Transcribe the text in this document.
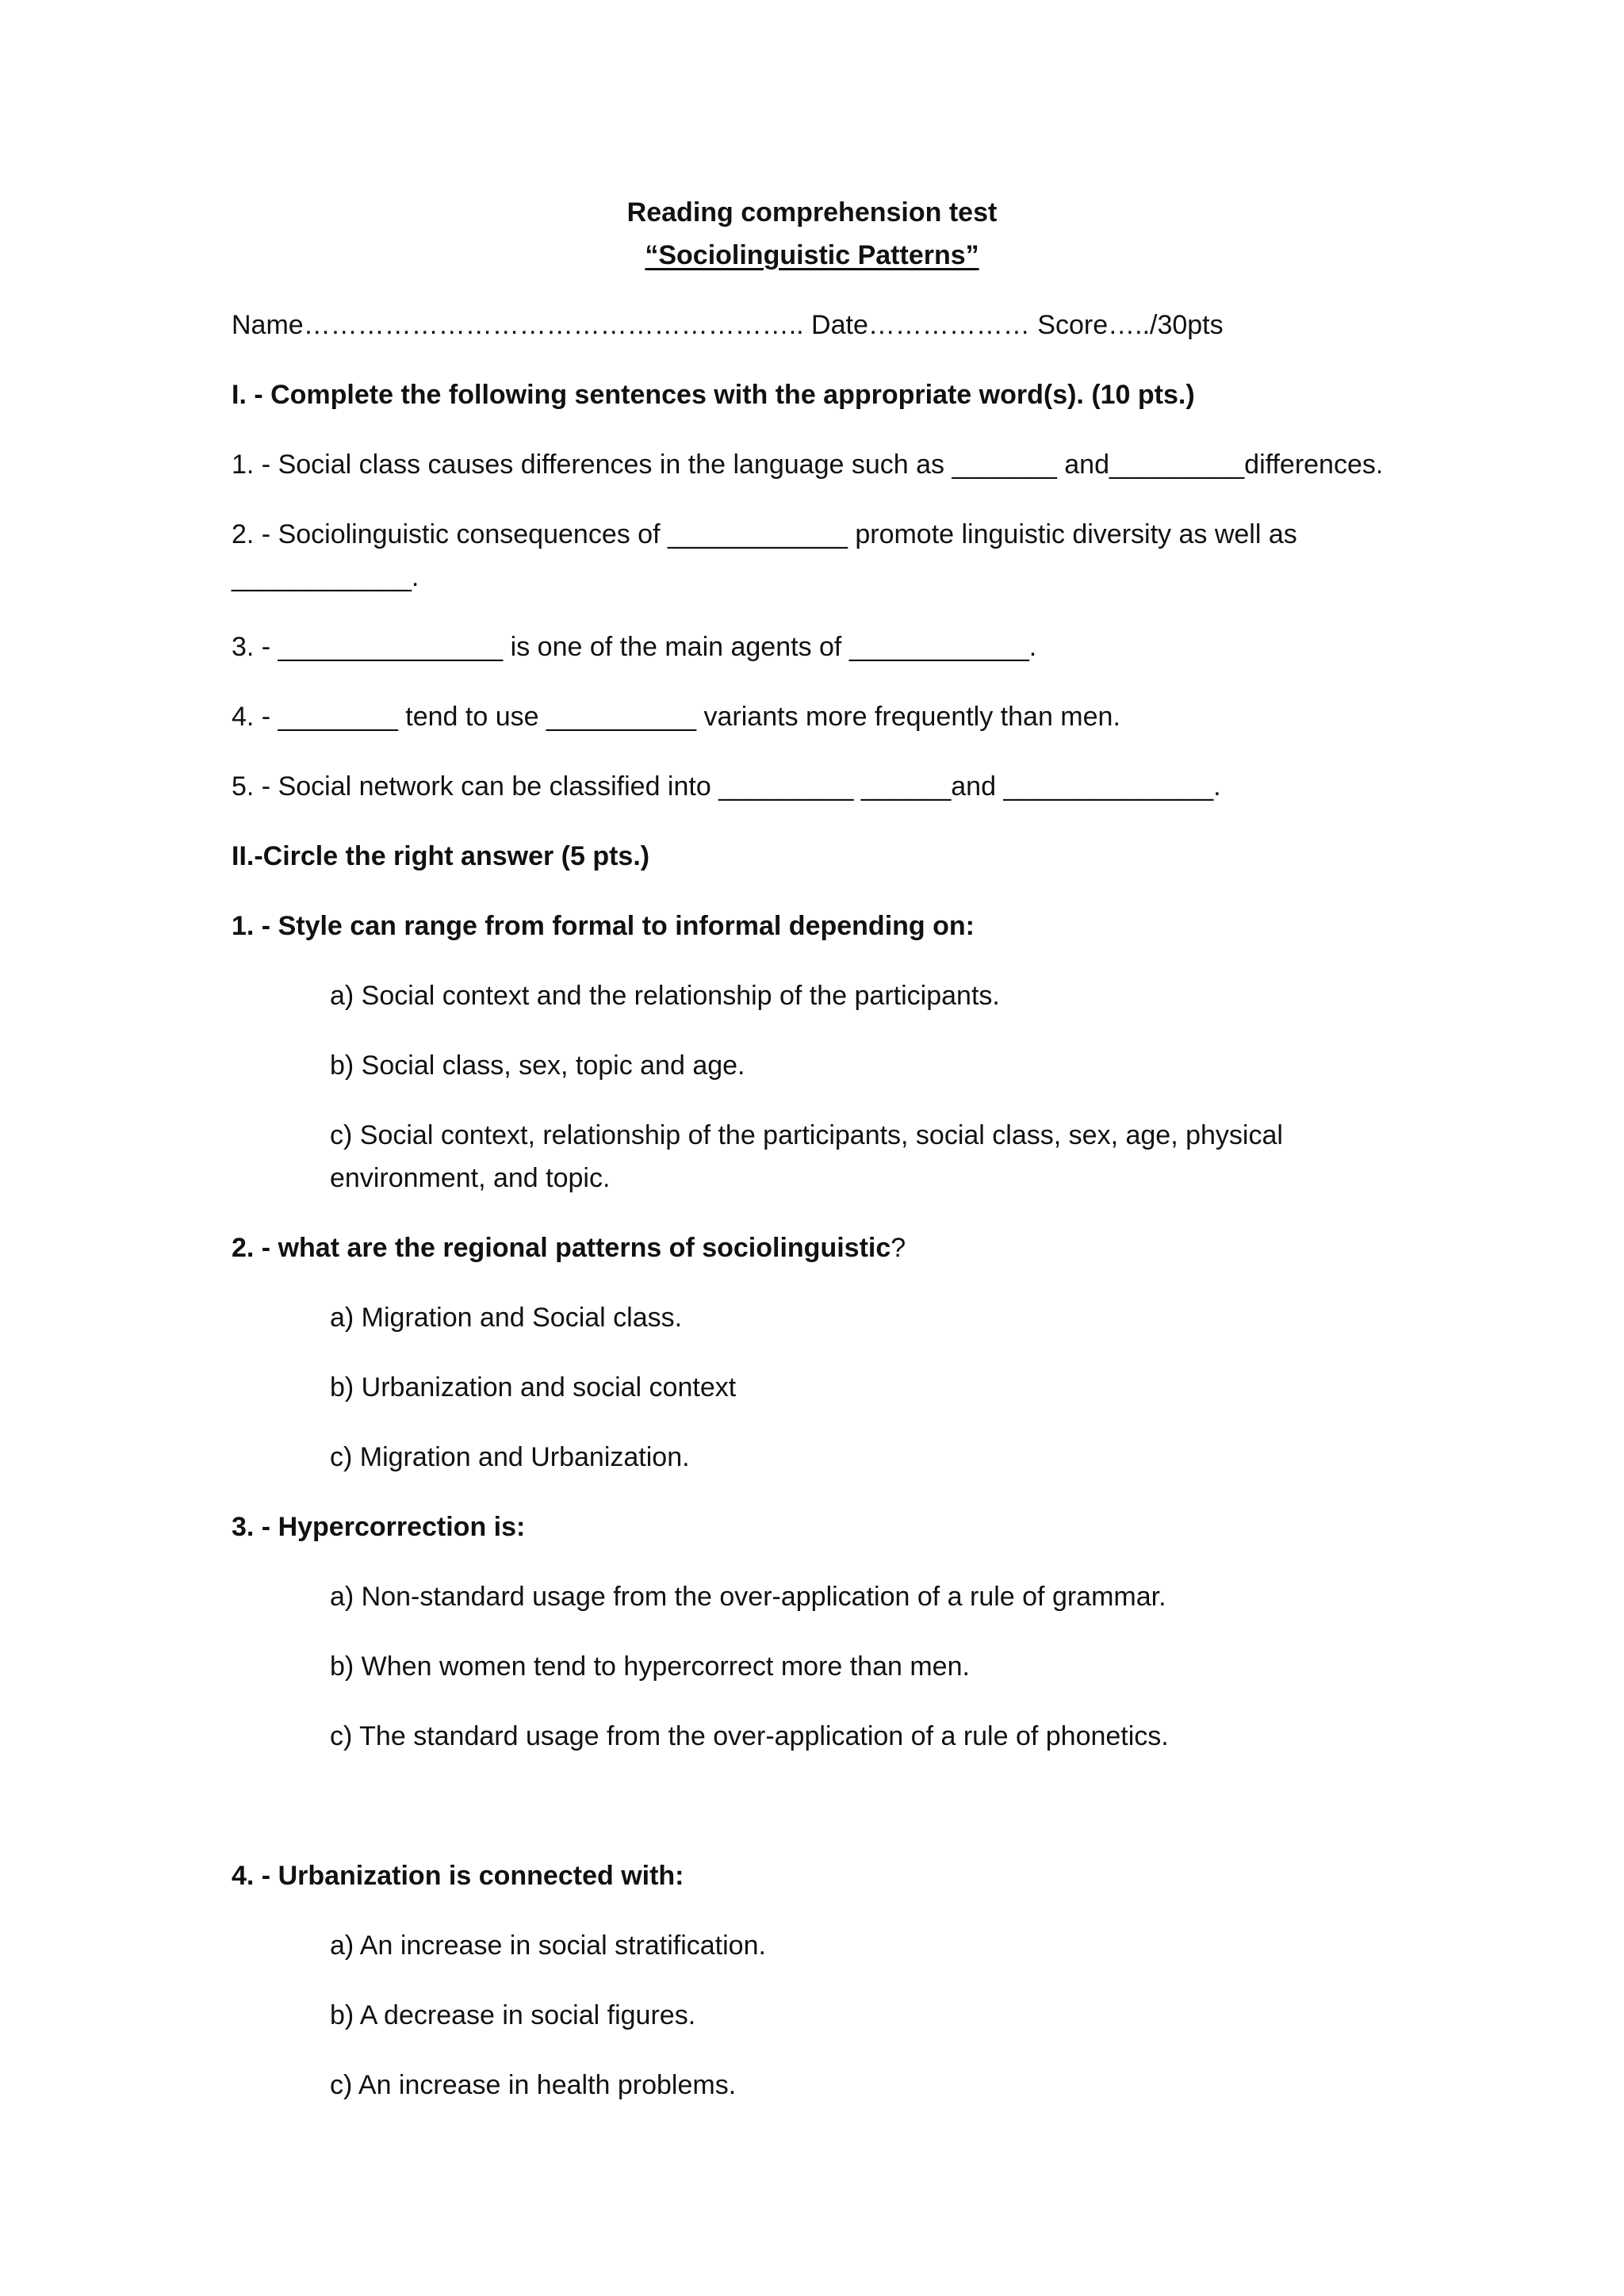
Reading comprehension test
“Sociolinguistic Patterns”
Name……………………………………………….. Date……………… Score…../30pts
I. - Complete the following sentences with the appropriate word(s). (10 pts.)
1. - Social class causes differences in the language such as _______ and_________differences.
2. - Sociolinguistic consequences of ____________ promote linguistic diversity as well as
____________.
3. - _______________ is one of the main agents of ____________.
4. - ________ tend to use __________ variants more frequently than men.
5. - Social network can be classified into _________ ______and ______________.
II.-Circle the right answer (5 pts.)
1. - Style can range from formal to informal depending on:
a) Social context and the relationship of the participants.
b) Social class, sex, topic and age.
c) Social context, relationship of the participants, social class, sex, age, physical
environment, and topic.
2. - what are the regional patterns of sociolinguistic?
a) Migration and Social class.
b) Urbanization and social context
c) Migration and Urbanization.
3. - Hypercorrection is:
a) Non-standard usage from the over-application of a rule of grammar.
b) When women tend to hypercorrect more than men.
c) The standard usage from the over-application of a rule of phonetics.
4. - Urbanization is connected with:
a) An increase in social stratification.
b) A decrease in social figures.
c) An increase in health problems.
